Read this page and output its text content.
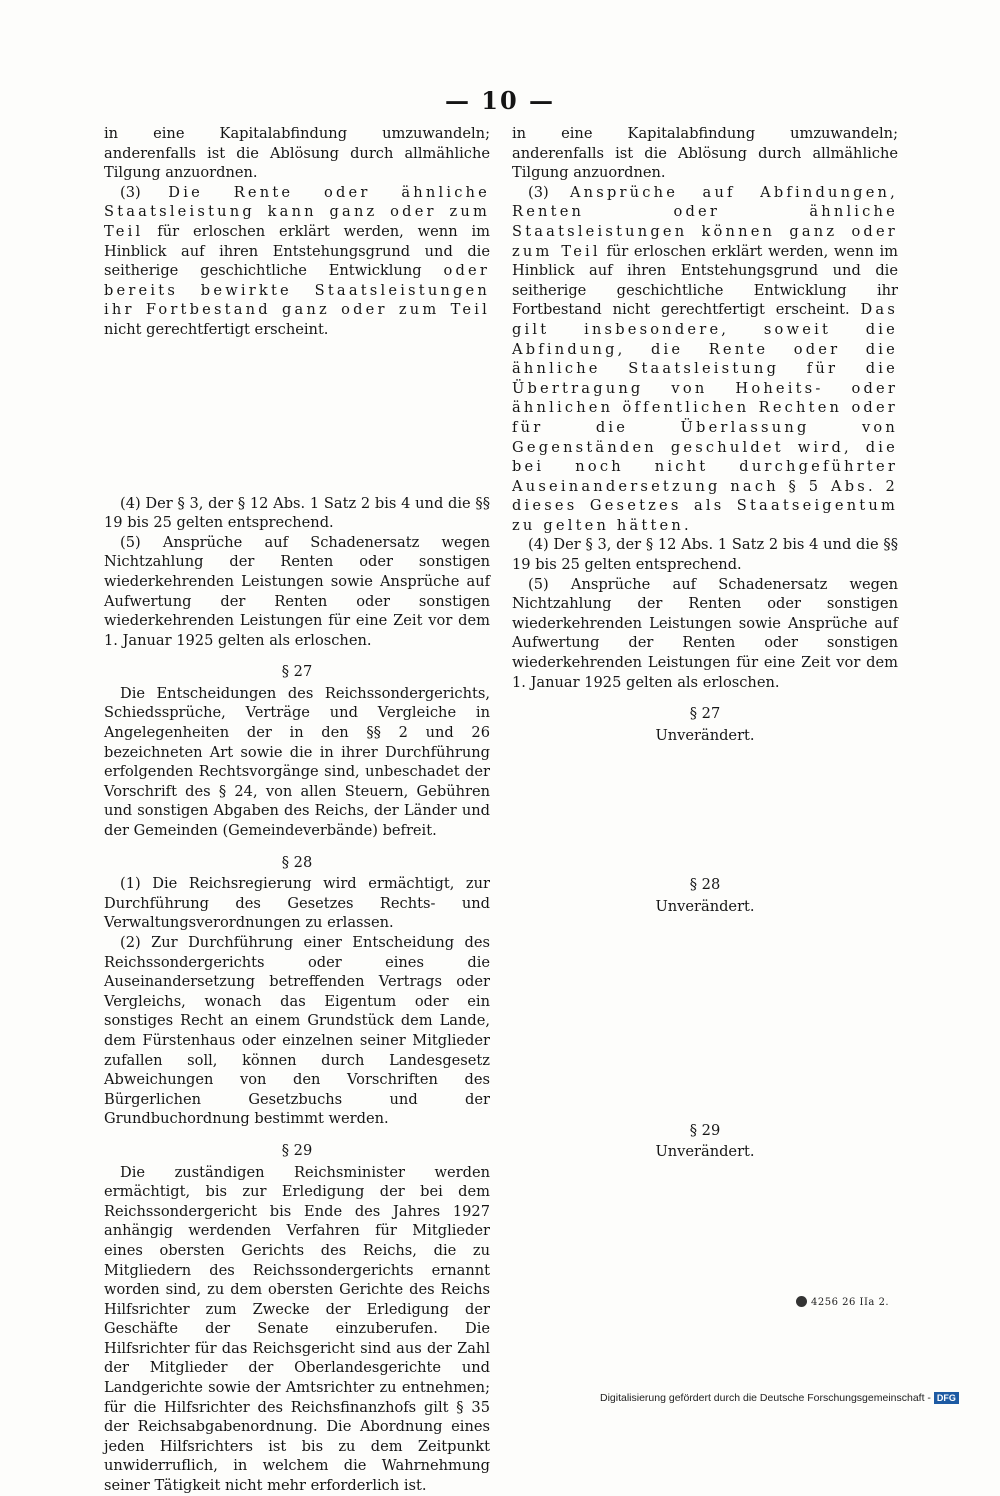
— 10 —

in eine Kapitalabfindung umzuwandeln; anderenfalls ist die Ablösung durch allmähliche Tilgung anzuordnen.

(3) Die Rente oder ähnliche Staatsleistung kann ganz oder zum Teil für erloschen erklärt werden, wenn im Hinblick auf ihren Entstehungsgrund und die seitherige geschichtliche Entwicklung oder bereits bewirkte Staatsleistungen ihr Fortbestand ganz oder zum Teil nicht gerechtfertigt erscheint.

(4) Der § 3, der § 12 Abs. 1 Satz 2 bis 4 und die §§ 19 bis 25 gelten entsprechend.

(5) Ansprüche auf Schadenersatz wegen Nichtzahlung der Renten oder sonstigen wiederkehrenden Leistungen sowie Ansprüche auf Aufwertung der Renten oder sonstigen wiederkehrenden Leistungen für eine Zeit vor dem 1. Januar 1925 gelten als erloschen.

§ 27

Die Entscheidungen des Reichssondergerichts, Schiedssprüche, Verträge und Vergleiche in Angelegenheiten der in den §§ 2 und 26 bezeichneten Art sowie die in ihrer Durchführung erfolgenden Rechtsvorgänge sind, unbeschadet der Vorschrift des § 24, von allen Steuern, Gebühren und sonstigen Abgaben des Reichs, der Länder und der Gemeinden (Gemeindeverbände) befreit.

§ 28

(1) Die Reichsregierung wird ermächtigt, zur Durchführung des Gesetzes Rechts- und Verwaltungsverordnungen zu erlassen.

(2) Zur Durchführung einer Entscheidung des Reichssondergerichts oder eines die Auseinandersetzung betreffenden Vertrags oder Vergleichs, wonach das Eigentum oder ein sonstiges Recht an einem Grundstück dem Lande, dem Fürstenhaus oder einzelnen seiner Mitglieder zufallen soll, können durch Landesgesetz Abweichungen von den Vorschriften des Bürgerlichen Gesetzbuchs und der Grundbuchordnung bestimmt werden.

§ 29

Die zuständigen Reichsminister werden ermächtigt, bis zur Erledigung der bei dem Reichssondergericht bis Ende des Jahres 1927 anhängig werdenden Verfahren für Mitglieder eines obersten Gerichts des Reichs, die zu Mitgliedern des Reichssondergerichts ernannt worden sind, zu dem obersten Gerichte des Reichs Hilfsrichter zum Zwecke der Erledigung der Geschäfte der Senate einzuberufen. Die Hilfsrichter für das Reichsgericht sind aus der Zahl der Mitglieder der Oberlandesgerichte und Landgerichte sowie der Amtsrichter zu entnehmen; für die Hilfsrichter des Reichsfinanzhofs gilt § 35 der Reichsabgabenordnung. Die Abordnung eines jeden Hilfsrichters ist bis zu dem Zeitpunkt unwiderruflich, in welchem die Wahrnehmung seiner Tätigkeit nicht mehr erforderlich ist.

in eine Kapitalabfindung umzuwandeln; anderenfalls ist die Ablösung durch allmähliche Tilgung anzuordnen.

(3) Ansprüche auf Abfindungen, Renten oder ähnliche Staatsleistungen können ganz oder zum Teil für erloschen erklärt werden, wenn im Hinblick auf ihren Entstehungsgrund und die seitherige geschichtliche Entwicklung ihr Fortbestand nicht gerechtfertigt erscheint. Das gilt insbesondere, soweit die Abfindung, die Rente oder die ähnliche Staatsleistung für die Übertragung von Hoheits- oder ähnlichen öffentlichen Rechten oder für die Überlassung von Gegenständen geschuldet wird, die bei noch nicht durchgeführter Auseinandersetzung nach § 5 Abs. 2 dieses Gesetzes als Staatseigentum zu gelten hätten.

(4) Der § 3, der § 12 Abs. 1 Satz 2 bis 4 und die §§ 19 bis 25 gelten entsprechend.

(5) Ansprüche auf Schadenersatz wegen Nichtzahlung der Renten oder sonstigen wiederkehrenden Leistungen sowie Ansprüche auf Aufwertung der Renten oder sonstigen wiederkehrenden Leistungen für eine Zeit vor dem 1. Januar 1925 gelten als erloschen.

§ 27

Unverändert.

§ 28

Unverändert.

§ 29

Unverändert.

4256 26 IIa 2.
Digitalisierung gefördert durch die Deutsche Forschungsgemeinschaft - DFG
